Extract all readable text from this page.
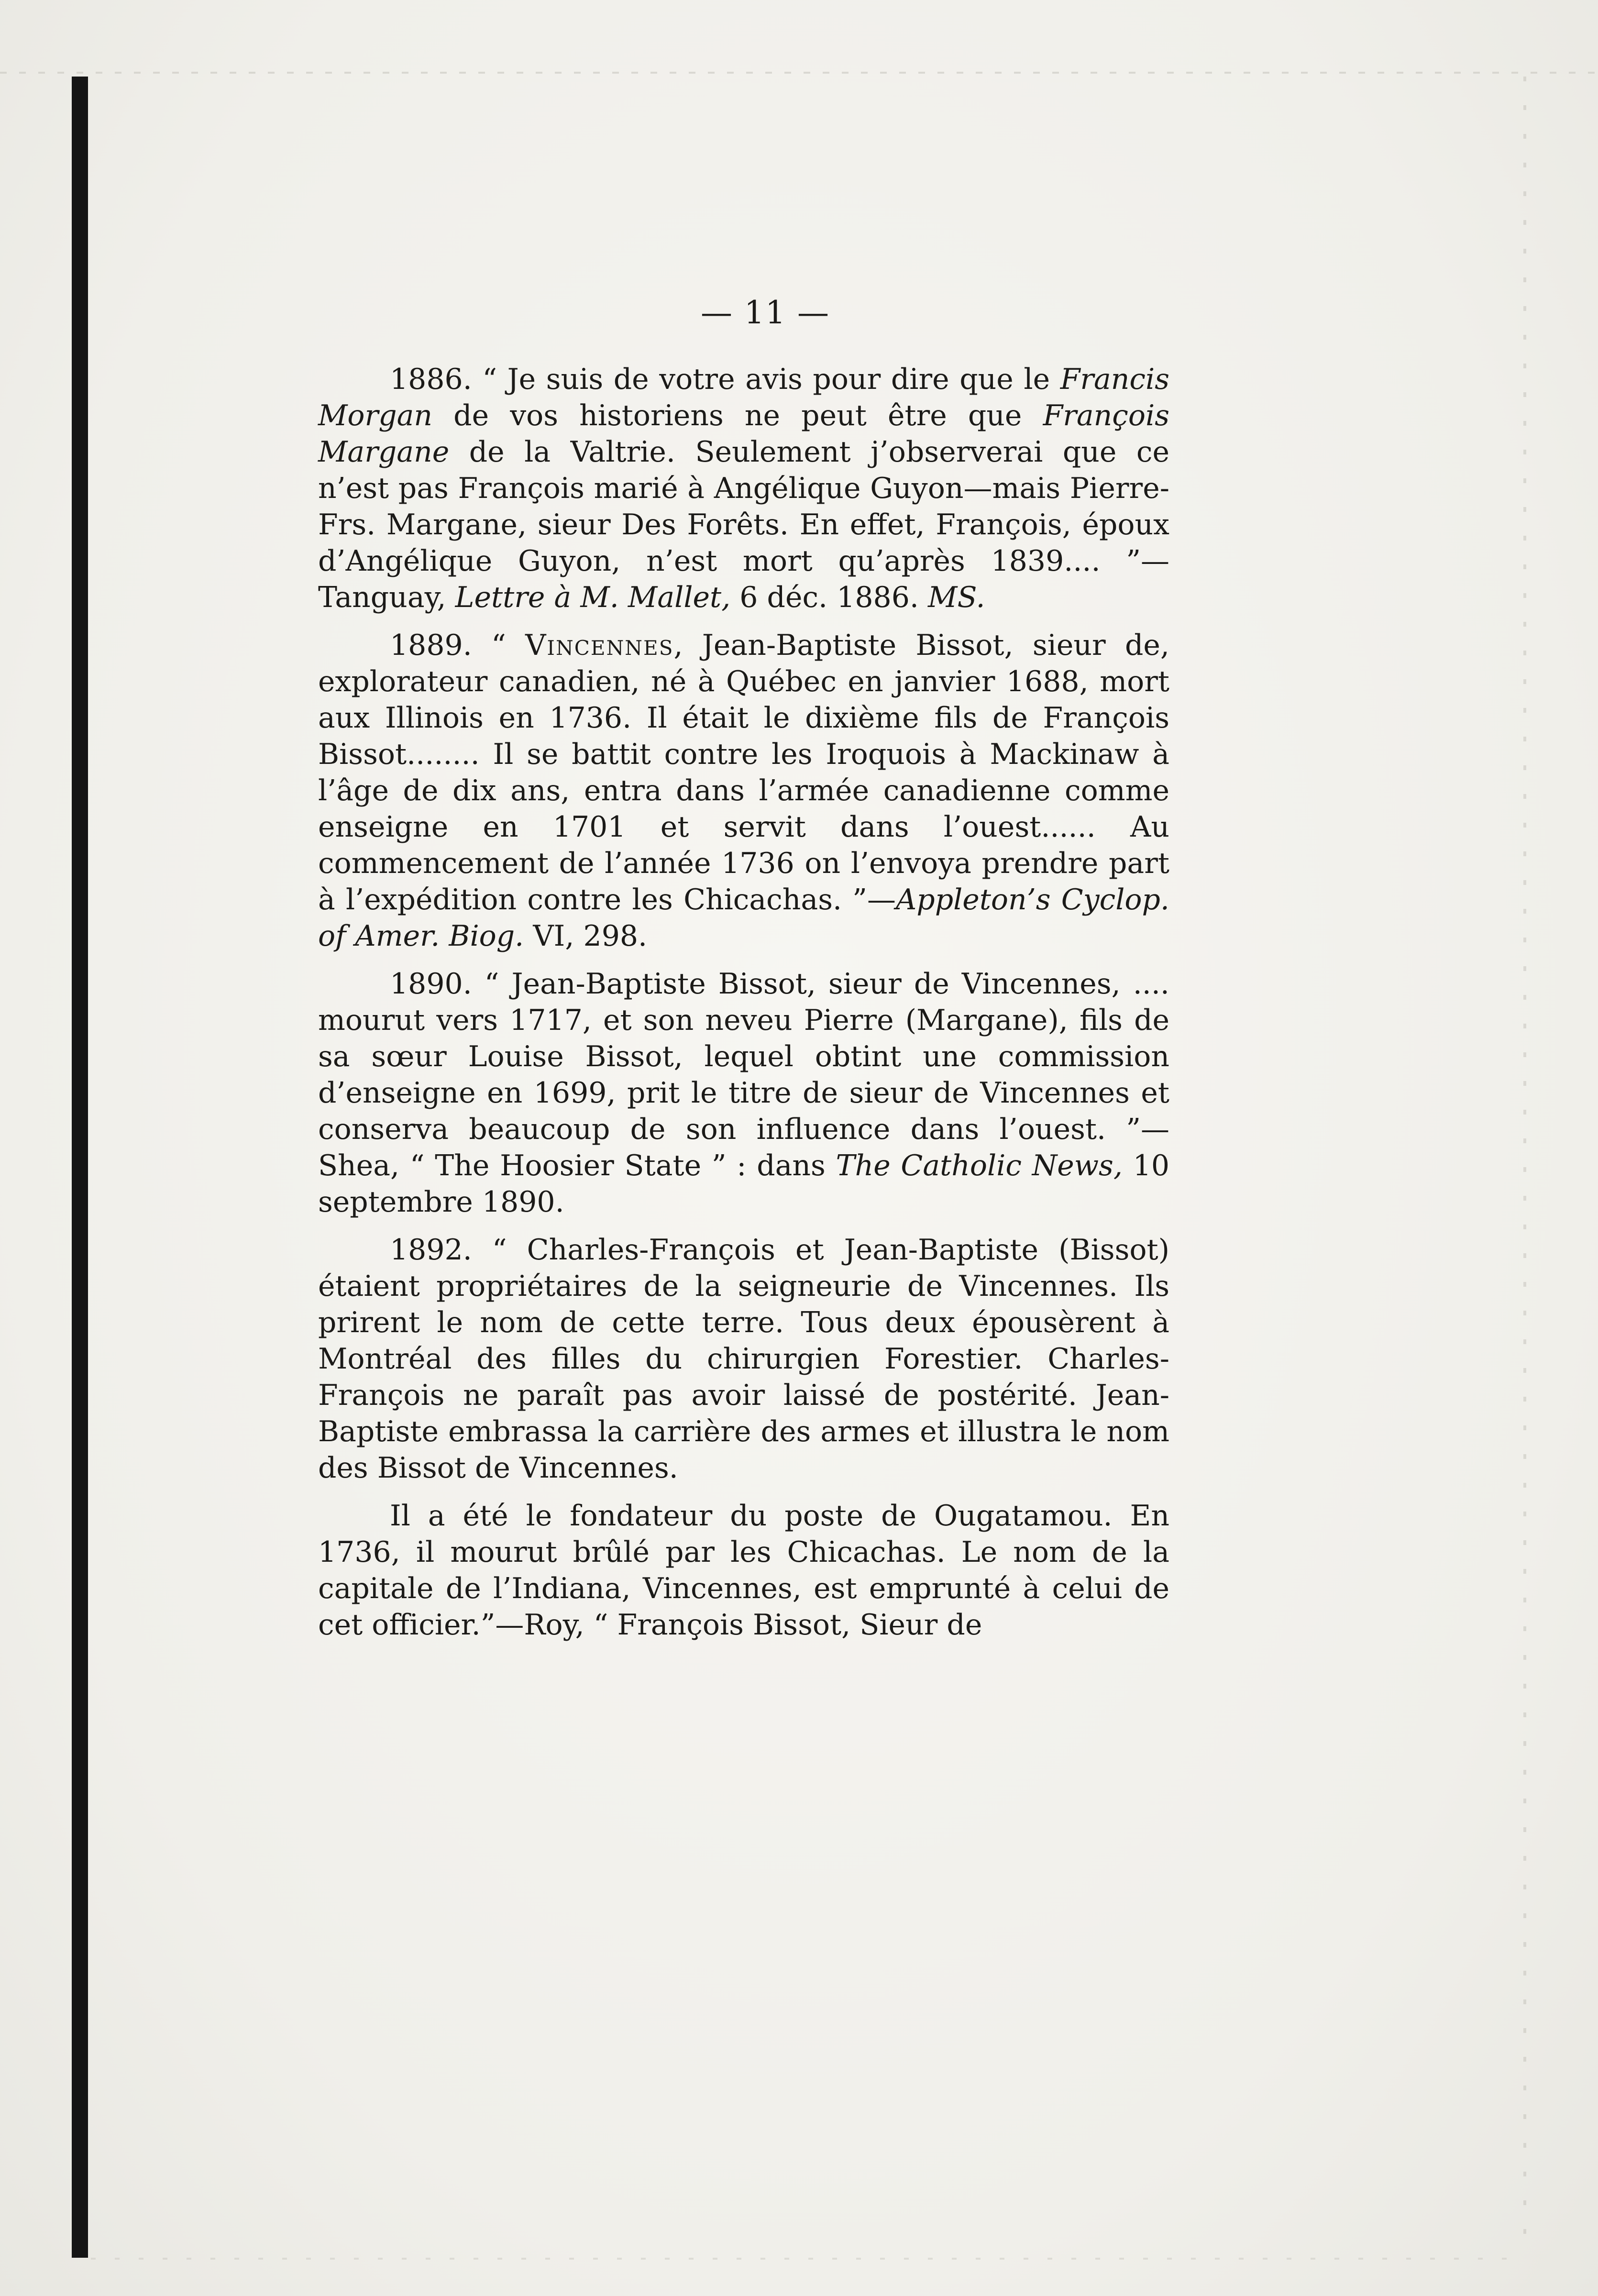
— 11 —

1886. “ Je suis de votre avis pour dire que le Francis Morgan de vos historiens ne peut être que François Margane de la Valtrie. Seulement j’observerai que ce n’est pas François marié à Angélique Guyon—mais Pierre-Frs. Margane, sieur Des Forêts. En effet, François, époux d’Angélique Guyon, n’est mort qu’après 1839.... ”—Tanguay, Lettre à M. Mallet, 6 déc. 1886. MS.

1889. “ Vincennes, Jean-Baptiste Bissot, sieur de, explorateur canadien, né à Québec en janvier 1688, mort aux Illinois en 1736. Il était le dixième fils de François Bissot........ Il se battit contre les Iroquois à Mackinaw à l’âge de dix ans, entra dans l’armée canadienne comme enseigne en 1701 et servit dans l’ouest...... Au commencement de l’année 1736 on l’envoya prendre part à l’expédition contre les Chicachas. ”—Appleton’s Cyclop. of Amer. Biog. VI, 298.

1890. “ Jean-Baptiste Bissot, sieur de Vincennes, .... mourut vers 1717, et son neveu Pierre (Margane), fils de sa sœur Louise Bissot, lequel obtint une commission d’enseigne en 1699, prit le titre de sieur de Vincennes et conserva beaucoup de son influence dans l’ouest. ”—Shea, “ The Hoosier State ” : dans The Catholic News, 10 septembre 1890.

1892. “ Charles-François et Jean-Baptiste (Bissot) étaient propriétaires de la seigneurie de Vincennes. Ils prirent le nom de cette terre. Tous deux épousèrent à Montréal des filles du chirurgien Forestier. Charles-François ne paraît pas avoir laissé de postérité. Jean-Baptiste embrassa la carrière des armes et illustra le nom des Bissot de Vincennes.

Il a été le fondateur du poste de Ougatamou. En 1736, il mourut brûlé par les Chicachas. Le nom de la capitale de l’Indiana, Vincennes, est emprunté à celui de cet officier.”—Roy, “ François Bissot, Sieur de
